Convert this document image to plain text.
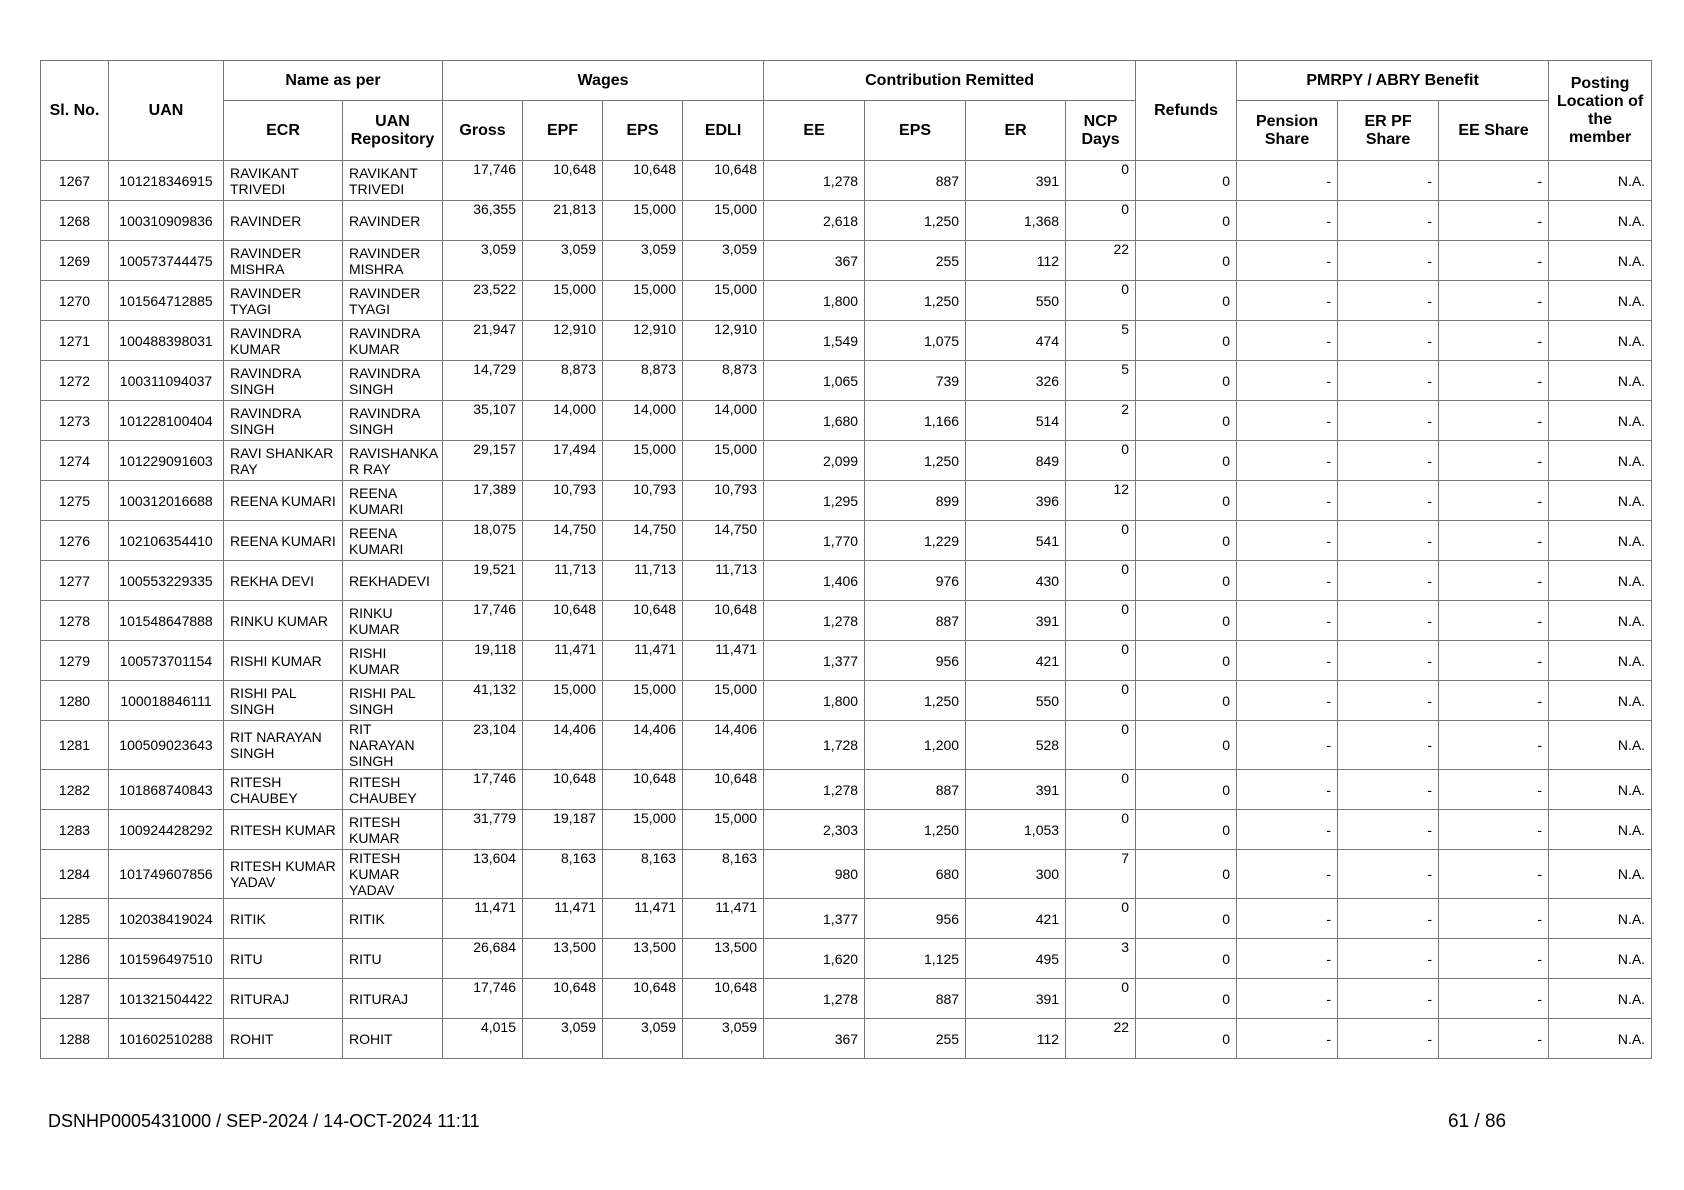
Sl. No.	UAN	Name as per		Wages				Contribution Remitted				Refunds	PMRPY / ABRY Benefit			Posting Location of the member
		ECR	UAN Repository	Gross	EPF	EPS	EDLI	EE	EPS	ER	NCP Days		Pension Share	ER PF Share	EE Share	
1267	101218346915	RAVIKANT TRIVEDI	RAVIKANT TRIVEDI	17,746	10,648	10,648	10,648	1,278	887	391	0	0	-	-	-	N.A.
1268	100310909836	RAVINDER	RAVINDER	36,355	21,813	15,000	15,000	2,618	1,250	1,368	0	0	-	-	-	N.A.
1269	100573744475	RAVINDER MISHRA	RAVINDER MISHRA	3,059	3,059	3,059	3,059	367	255	112	22	0	-	-	-	N.A.
1270	101564712885	RAVINDER TYAGI	RAVINDER TYAGI	23,522	15,000	15,000	15,000	1,800	1,250	550	0	0	-	-	-	N.A.
1271	100488398031	RAVINDRA KUMAR	RAVINDRA KUMAR	21,947	12,910	12,910	12,910	1,549	1,075	474	5	0	-	-	-	N.A.
1272	100311094037	RAVINDRA SINGH	RAVINDRA SINGH	14,729	8,873	8,873	8,873	1,065	739	326	5	0	-	-	-	N.A.
1273	101228100404	RAVINDRA SINGH	RAVINDRA SINGH	35,107	14,000	14,000	14,000	1,680	1,166	514	2	0	-	-	-	N.A.
1274	101229091603	RAVI SHANKAR RAY	RAVISHANKA R RAY	29,157	17,494	15,000	15,000	2,099	1,250	849	0	0	-	-	-	N.A.
1275	100312016688	REENA KUMARI	REENA KUMARI	17,389	10,793	10,793	10,793	1,295	899	396	12	0	-	-	-	N.A.
1276	102106354410	REENA KUMARI	REENA KUMARI	18,075	14,750	14,750	14,750	1,770	1,229	541	0	0	-	-	-	N.A.
1277	100553229335	REKHA DEVI	REKHADEVI	19,521	11,713	11,713	11,713	1,406	976	430	0	0	-	-	-	N.A.
1278	101548647888	RINKU KUMAR	RINKU KUMAR	17,746	10,648	10,648	10,648	1,278	887	391	0	0	-	-	-	N.A.
1279	100573701154	RISHI KUMAR	RISHI KUMAR	19,118	11,471	11,471	11,471	1,377	956	421	0	0	-	-	-	N.A.
1280	100018846111	RISHI PAL SINGH	RISHI PAL SINGH	41,132	15,000	15,000	15,000	1,800	1,250	550	0	0	-	-	-	N.A.
1281	100509023643	RIT NARAYAN SINGH	RIT NARAYAN SINGH	23,104	14,406	14,406	14,406	1,728	1,200	528	0	0	-	-	-	N.A.
1282	101868740843	RITESH CHAUBEY	RITESH CHAUBEY	17,746	10,648	10,648	10,648	1,278	887	391	0	0	-	-	-	N.A.
1283	100924428292	RITESH KUMAR	RITESH KUMAR	31,779	19,187	15,000	15,000	2,303	1,250	1,053	0	0	-	-	-	N.A.
1284	101749607856	RITESH KUMAR YADAV	RITESH KUMAR YADAV	13,604	8,163	8,163	8,163	980	680	300	7	0	-	-	-	N.A.
1285	102038419024	RITIK	RITIK	11,471	11,471	11,471	11,471	1,377	956	421	0	0	-	-	-	N.A.
1286	101596497510	RITU	RITU	26,684	13,500	13,500	13,500	1,620	1,125	495	3	0	-	-	-	N.A.
1287	101321504422	RITURAJ	RITURAJ	17,746	10,648	10,648	10,648	1,278	887	391	0	0	-	-	-	N.A.
1288	101602510288	ROHIT	ROHIT	4,015	3,059	3,059	3,059	367	255	112	22	0	-	-	-	N.A.
DSNHP0005431000 / SEP-2024 / 14-OCT-2024 11:11	61 / 86
